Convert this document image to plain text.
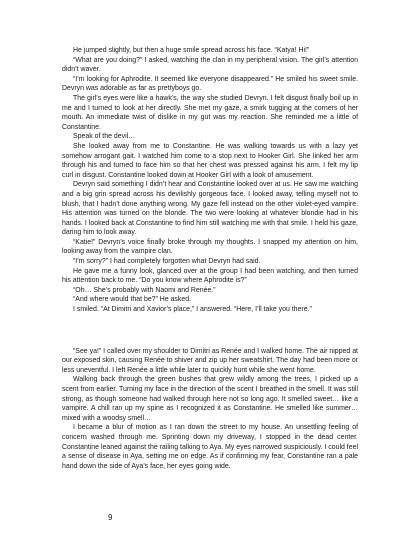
He jumped slightly, but then a huge smile spread across his face. “Katya! Hi!”

“What are you doing?” I asked, watching the clan in my peripheral vision. The girl’s attention didn’t waver.

“I’m looking for Aphrodite. It seemed like everyone disappeared.” He smiled his sweet smile. Devryn was adorable as far as prettyboys go.

The girl’s eyes were like a hawk’s, the way she studied Devryn. I felt disgust finally boil up in me and I turned to look at her directly. She met my gaze, a smirk tugging at the corners of her mouth. An immediate twist of dislike in my gut was my reaction. She reminded me a little of Constantine.

Speak of the devil…

She looked away from me to Constantine. He was walking towards us with a lazy yet somehow arrogant gait. I watched him come to a stop next to Hooker Girl. She linked her arm through his and turned to face him so that her chest was pressed against his arm. I felt my lip curl in disgust. Constantine looked down at Hooker Girl with a look of amusement.

Devryn said something I didn’t hear and Constantine looked over at us. He saw me watching and a big grin spread across his devilishly gorgeous face. I looked away, telling myself not to blush, that I hadn’t done anything wrong. My gaze fell instead on the other violet-eyed vampire. His attention was turned on the blonde. The two were looking at whatever blondie had in his hands. I looked back at Constantine to find him still watching me with that smile. I held his gaze, daring him to look away.

“Katie!” Devryn’s voice finally broke through my thoughts. I snapped my attention on him, looking away from the vampire clan.

“I’m sorry?” I had completely forgotten what Devryn had said.

He gave me a funny look, glanced over at the group I had been watching, and then turned his attention back to me. “Do you know where Aphrodite is?”

“Oh… She’s probably with Naomi and Renée.”

“And where would that be?” He asked.

I smiled. “At Dimitri and Xavior’s place,” I answered. “Here, I’ll take you there.”

“See ya!” I called over my shoulder to Dimitri as Renée and I walked home. The air nipped at our exposed skin, causing Renée to shiver and zip up her sweatshirt. The day had been more or less uneventful. I left Renée a little while later to quickly hunt while she went home.

Walking back through the green bushes that grew wildly among the trees, I picked up a scent from earlier. Turning my face in the direction of the scent I breathed in the smell. It was still strong, as though someone had walked through here not so long ago. It smelled sweet… like a vampire. A chill ran up my spine as I recognized it as Constantine. He smelled like summer… mixed with a woodsy smell…

I became a blur of motion as I ran down the street to my house. An unsettling feeling of concern washed through me. Sprinting down my driveway, I stopped in the dead center. Constantine leaned against the railing talking to Aya. My eyes narrowed suspiciously. I could feel a sense of disease in Aya, setting me on edge. As if confirming my fear, Constantine ran a pale hand down the side of Aya’s face, her eyes going wide.

9
